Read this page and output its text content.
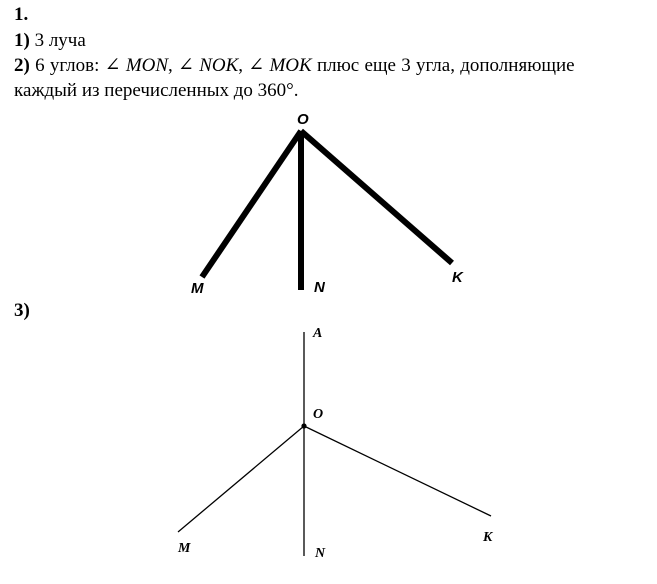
1.
1) 3 луча
2) 6 углов: ∠ MON, ∠ NOK, ∠ MOK плюс еще 3 угла, дополняющие
каждый из перечисленных до 360°.
3)
O
M	N
K
A
O
M	N
K
